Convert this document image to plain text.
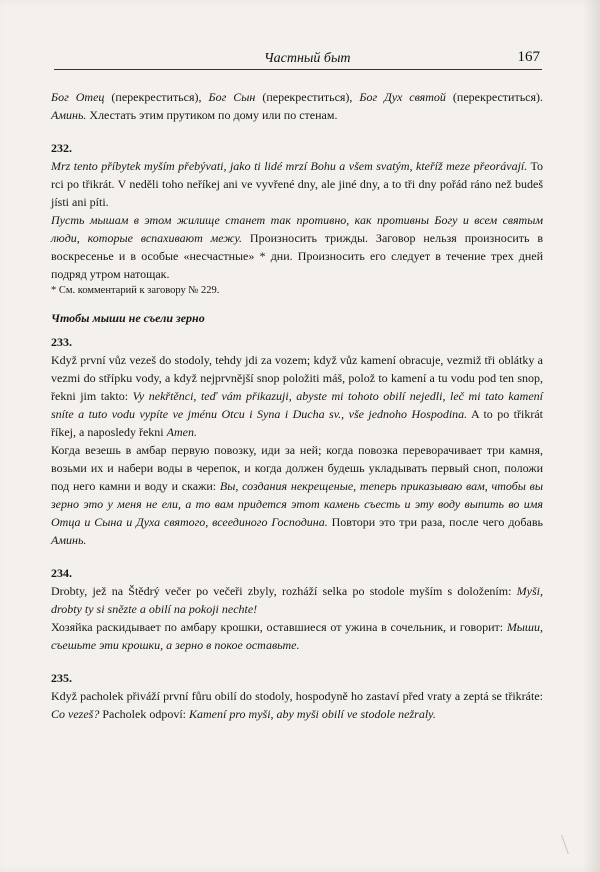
Частный быт	167

Бог Отец (перекреститься), Бог Сын (перекреститься), Бог Дух святой (перекреститься). Аминь. Хлестать этим прутиком по дому или по стенам.

232.

Mrz tento příbytek myším přebývati, jako ti lidé mrzí Bohu a všem svatým, kteříž meze přeorávají. To rci po třikrát. V neděli toho neříkej ani ve vyvřené dny, ale jiné dny, a to tři dny pořád ráno než budeš jísti ani píti.

Пусть мышам в этом жилище станет так противно, как противны Богу и всем святым люди, которые вспахивают межу. Произносить трижды. Заговор нельзя произносить в воскресенье и в особые «несчастные» * дни. Произносить его следует в течение трех дней подряд утром натощак.

* См. комментарий к заговору № 229.

Чтобы мыши не съели зерно
233.

Když první vůz vezeš do stodoly, tehdy jdi za vozem; když vůz kamení obracuje, vezmiž tři oblátky a vezmi do střípku vody, a když nejprvnější snop položiti máš, polož to kamení a tu vodu pod ten snop, řekni jim takto: Vy nekřtěnci, teď vám přikazuji, abyste mi tohoto obilí nejedli, leč mi tato kamení sníte a tuto vodu vypíte ve jménu Otcu i Syna i Ducha sv., vše jednoho Hospodina. A to po třikrát říkej, a naposledy řekni Amen.

Когда везешь в амбар первую повозку, иди за ней; когда повозка переворачивает три камня, возьми их и набери воды в черепок, и когда должен будешь укладывать первый сноп, положи под него камни и воду и скажи: Вы, создания некрещеные, теперь приказываю вам, чтобы вы зерно это у меня не ели, а то вам придется этот камень съесть и эту воду выпить во имя Отца и Сына и Духа святого, всеединого Господина. Повтори это три раза, после чего добавь Аминь.

234.

Drobty, jež na Štědrý večer po večeři zbyly, rozháží selka po stodole myším s doložením: Myši, drobty ty si snězte a obilí na pokoji nechte!

Хозяйка раскидывает по амбару крошки, оставшиеся от ужина в сочельник, и говорит: Мыши, съешьте эти крошки, а зерно в покое оставьте.

235.

Když pacholek přiváží první fůru obilí do stodoly, hospodyně ho zastaví před vraty a zeptá se třikráte: Co vezeš? Pacholek odpoví: Kamení pro myši, aby myši obilí ve stodole nežraly.
